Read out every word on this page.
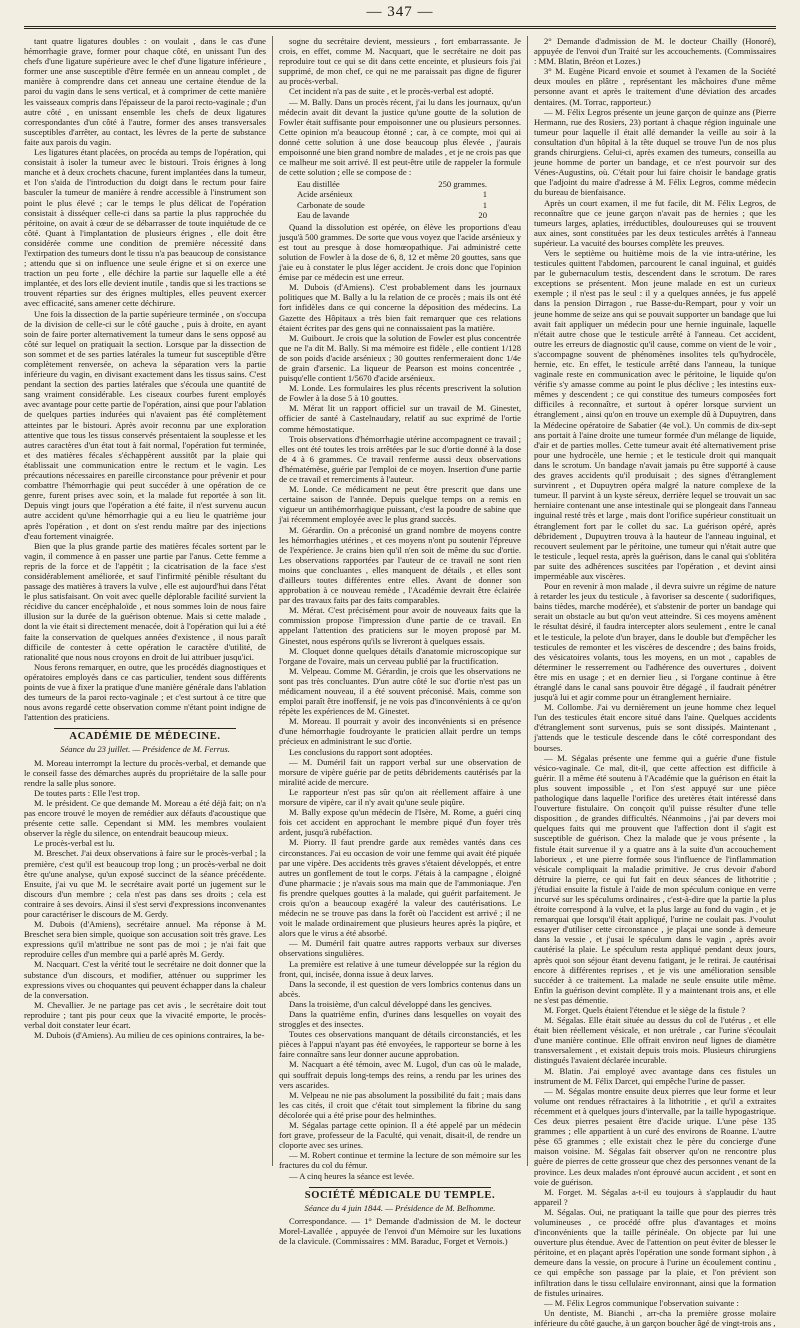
— 347 —

tant quatre ligatures doubles : on voulait , dans le cas d'une hémorrhagie grave, former pour chaque côté, en unissant l'un des chefs d'une ligature supérieure avec le chef d'une ligature inférieure , former une anse susceptible d'être fermée en un anneau complet , de manière à comprendre dans cet anneau une certaine étendue de la paroi du vagin dans le sens vertical, et à comprimer de cette manière les vaisseaux compris dans l'épaisseur de la paroi recto-vaginale ; d'un autre côté , en unissant ensemble les chefs de deux ligatures correspondantes d'un côté à l'autre, former des anses transversales susceptibles d'arrêter, au contact, les lèvres de la perte de substance faite aux parois du vagin.

Les ligatures étant placées, on procéda au temps de l'opération, qui consistait à isoler la tumeur avec le bistouri. Trois érignes à long manche et à deux crochets chacune, furent implantées dans la tumeur, et l'on s'aida de l'introduction du doigt dans le rectum pour faire basculer la tumeur de manière à rendre accessible à l'instrument son point le plus élevé ; car le temps le plus délicat de l'opération consistait à disséquer celle-ci dans sa partie la plus rapprochée du péritoine, on avait à cœur de se débarrasser de toute inquiétude de ce côté. Quant à l'implantation de plusieurs érignes , elle doit être considérée comme une condition de première nécessité dans l'extirpation des tumeurs dont le tissu n'a pas beaucoup de consistance ; attendu que si on influence une seule érigne et si on exerce une traction un peu forte , elle déchire la partie sur laquelle elle a été implantée, et des lors elle devient inutile , tandis que si les tractions se trouvent réparties sur des érignes multiples, elles peuvent exercer avec efficacité, sans amener cette déchirure.

Une fois la dissection de la partie supérieure terminée , on s'occupa de la division de celle-ci sur le côté gauche , puis à droite, en ayant soin de faire porter alternativement la tumeur dans le sens opposé au côté sur lequel on pratiquait la section. Lorsque par la dissection de son sommet et de ses parties latérales la tumeur fut susceptible d'être complètement renversée, on acheva la séparation vers la partie inférieure du vagin, en divisant exactement dans les tissus sains. C'est pendant la section des parties latérales que s'écoula une quantité de sang vraiment considérable. Les ciseaux courbes furent employés avec avantage pour cette partie de l'opération, ainsi que pour l'ablation de quelques parties indurées qui n'avaient pas été complètement atteintes par le bistouri. Après avoir reconnu par une exploration attentive que tous les tissus conservés présentaient la souplesse et les autres caractères d'un état tout à fait normal, l'opération fut terminée, et des matières fécales s'échappèrent aussitôt par la plaie qui établissait une communication entre le rectum et le vagin. Les précautions nécessaires en pareille circonstance pour prévenir et pour combattre l'hémorrhagie qui peut succéder à une opération de ce genre, furent prises avec soin, et la malade fut reportée à son lit. Depuis vingt jours que l'opération a été faite, il n'est survenu aucun autre accident qu'une hémorrhagie qui a eu lieu le quatrième jour après l'opération , et dont on s'est rendu maître par des injections d'eau fortement vinaigrée.

Bien que la plus grande partie des matières fécales sortent par le vagin, il commence à en passer une partie par l'anus. Cette femme a repris de la force et de l'appétit ; la cicatrisation de la face s'est considérablement améliorée, et sauf l'infirmité pénible résultant du passage des matières à travers la vulve , elle est aujourd'hui dans l'état le plus satisfaisant. On voit avec quelle déplorable facilité survient la récidive du cancer encéphaloïde , et nous sommes loin de nous faire illusion sur la durée de la guérison obtenue. Mais si cette malade , dont la vie était si directement menacée, doit à l'opération qui lui a été faite la conservation de quelques années d'existence , il nous paraît difficile de contester à cette opération le caractère d'utilité, de rationalité que nous nous croyons en droit de lui attribuer jusqu'ici.

Nous ferons remarquer, en outre, que les procédés diagnostiques et opératoires employés dans ce cas particulier, tendent sous différents points de vue à fixer la pratique d'une manière générale dans l'ablation des tumeurs de la paroi recto-vaginale ; et c'est surtout à ce titre que nous avons regardé cette observation comme n'étant point indigne de l'attention des praticiens.

ACADÉMIE DE MÉDECINE.
Séance du 23 juillet. — Présidence de M. Ferrus.

M. Moreau interrompt la lecture du procès-verbal, et demande que le conseil fasse des démarches auprès du propriétaire de la salle pour rendre la salle plus sonore.

De toutes parts : Elle l'est trop.

M. le président. Ce que demande M. Moreau a été déjà fait; on n'a pas encore trouvé le moyen de remédier aux défauts d'acoustique que présente cette salle. Cependant si MM. les membres voulaient observer la règle du silence, on entendrait beaucoup mieux.

Le procès-verbal est lu.

M. Breschet. J'ai deux observations à faire sur le procès-verbal ; la première, c'est qu'il est beaucoup trop long ; un procès-verbal ne doit être qu'une analyse, qu'un exposé succinct de la séance précédente. Ensuite, j'ai vu que M. le secrétaire avait porté un jugement sur le discours d'un membre ; cela n'est pas dans ses droits ; cela est contraire à ses devoirs. Ainsi il s'est servi d'expressions inconvenantes pour caractériser le discours de M. Gerdy.

M. Dubois (d'Amiens), secrétaire annuel. Ma réponse à M. Breschet sera bien simple, quoique son accusation soit très grave. Les expressions qu'il m'attribue ne sont pas de moi ; je n'ai fait que reproduire celles d'un membre qui a parlé après M. Gerdy.

M. Nacquart. C'est la vérité tout le secrétaire ne doit donner que la substance d'un discours, et modifier, atténuer ou supprimer les expressions vives ou choquantes qui peuvent échapper dans la chaleur de la conversation.

M. Chevallier. Je ne partage pas cet avis , le secrétaire doit tout reproduire ; tant pis pour ceux que la vivacité emporte, le procès-verbal doit constater leur écart.

M. Dubois (d'Amiens). Au milieu de ces opinions contraires, la be-

sogne du secrétaire devient, messieurs , fort embarrassante. Je crois, en effet, comme M. Nacquart, que le secrétaire ne doit pas reproduire tout ce qui se dit dans cette enceinte, et plusieurs fois j'ai supprimé, de mon chef, ce qui ne me paraissait pas digne de figurer au procès-verbal.

Cet incident n'a pas de suite , et le procès-verbal est adopté.

— M. Bally. Dans un procès récent, j'ai lu dans les journaux, qu'un médecin avait dit devant la justice qu'une goutte de la solution de Fowler était suffisante pour empoisonner une ou plusieurs personnes. Cette opinion m'a beaucoup étonné ; car, à ce compte, moi qui ai donné cette solution à une dose beaucoup plus élevée , j'aurais empoisonné une bien grand nombre de malades , et je ne crois pas que ce malheur me soit arrivé. Il est peut-être utile de rappeler la formule de cette solution ; elle se compose de :

Eau distillée	250 grammes.
Acide arsénieux	1
Carbonate de soude	1
Eau de lavande	20

Quand la dissolution est opérée, on élève les proportions d'eau jusqu'à 500 grammes. De sorte que vous voyez que l'acide arsénieux y est tout au presque à dose homœopathique. J'ai administré cette solution de Fowler à la dose de 6, 8, 12 et même 20 gouttes, sans que j'aie eu à constater le plus léger accident. Je crois donc que l'opinion émise par ce médecin est une erreur.

M. Dubois (d'Amiens). C'est probablement dans les journaux politiques que M. Bally a lu la relation de ce procès ; mais ils ont été fort infidèles dans ce qui concerne la déposition des médecins. La Gazette des Hôpitaux a très bien fait remarquer que ces relations étaient écrites par des gens qui ne connaissaient pas la matière.

M. Guibourt. Je crois que la solution de Fowler est plus concentrée que ne l'a dit M. Bally. Si ma mémoire est fidèle , elle contient 1/128 de son poids d'acide arsénieux ; 30 gouttes renfermeraient donc 1/4e de grain d'arsenic. La liqueur de Pearson est moins concentrée , puisqu'elle contient 1/5670 d'acide arsénieux.

M. Londe. Les formulaires les plus récents prescrivent la solution de Fowler à la dose 5 à 10 gouttes.

M. Mérat lit un rapport officiel sur un travail de M. Ginestet, officier de santé à Castelnaudary, relatif au suc exprimé de l'ortie comme hémostatique.

Trois observations d'hémorrhagie utérine accompagnent ce travail ; elles ont été toutes les trois arrêtées par le suc d'ortie donné à la dose de 4 à 6 grammes. Ce travail renferme aussi deux observations d'hématémèse, guérie par l'emploi de ce moyen. Insertion d'une partie de ce travail et remerciments à l'auteur.

M. Londe. Ce médicament ne peut être prescrit que dans une certaine saison de l'année. Depuis quelque temps on a remis en vigueur un antihémorrhagique puissant, c'est la poudre de sabine que j'ai récemment employée avec le plus grand succès.

M. Gérardin. On a préconisé un grand nombre de moyens contre les hémorrhagies utérines , et ces moyens n'ont pu soutenir l'épreuve de l'expérience. Je crains bien qu'il n'en soit de même du suc d'ortie. Les observations rapportées par l'auteur de ce travail ne sont rien moins que concluantes , elles manquent de détails , et elles sont d'ailleurs toutes différentes entre elles. Avant de donner son approbation à ce nouveau remède , l'Académie devrait être éclairée par des travaux faits par des faits comparables.

M. Mérat. C'est précisément pour avoir de nouveaux faits que la commission propose l'impression d'une partie de ce travail. En appelant l'attention des praticiens sur le moyen proposé par M. Ginestet, nous espérons qu'ils se livreront à quelques essais.

M. Cloquet donne quelques détails d'anatomie microscopique sur l'organe de l'ovaire, mais un cerveau publié par la fructification.

M. Velpeau. Comme M. Gérardin, je crois que les observations ne sont pas très concluantes. D'un autre côté le suc d'ortie n'est pas un médicament nouveau, il a été souvent préconisé. Mais, comme son emploi paraît être inoffensif, je ne vois pas d'inconvénients à ce qu'on répète les expériences de M. Ginestet.

M. Moreau. Il pourrait y avoir des inconvénients si en présence d'une hémorrhagie foudroyante le praticien allait perdre un temps précieux en administrant le suc d'ortie.

Les conclusions du rapport sont adoptées.

— M. Duméril fait un rapport verbal sur une observation de morsure de vipère guérie par de petits débridements cautérisés par la miralité acide de mercure.

Le rapporteur n'est pas sûr qu'on ait réellement affaire à une morsure de vipère, car il n'y avait qu'une seule piqûre.

M. Bally expose qu'un médecin de l'Isère, M. Rome, a guéri cinq fois cet accident en approchant le membre piqué d'un foyer très ardent, jusqu'à rubéfaction.

M. Piorry. Il faut prendre garde aux remèdes vantés dans ces circonstances. J'ai eu occasion de voir une femme qui avait été piquée par une vipère. Des accidents très graves s'étaient développés, et entre autres un gonflement de tout le corps. J'étais à la campagne , éloigné d'une pharmacie ; je n'avais sous ma main que de l'ammoniaque. J'en fis prendre quelques gouttes à la malade, qui guérit parfaitement. Je crois qu'on a beaucoup exagéré la valeur des cautérisations. Le médecin ne se trouve pas dans la forêt où l'accident est arrivé ; il ne voit le malade ordinairement que plusieurs heures après la piqûre, et alors que le virus a été absorbé.

— M. Duméril fait quatre autres rapports verbaux sur diverses observations singulières.

La première est relative à une tumeur développée sur la région du front, qui, incisée, donna issue à deux larves.

Dans la seconde, il est question de vers lombrics contenus dans un abcès.

Dans la troisième, d'un calcul développé dans les gencives.

Dans la quatrième enfin, d'urines dans lesquelles on voyait des stroggles et des insectes.

Toutes ces observations manquant de détails circonstanciés, et les pièces à l'appui n'ayant pas été envoyées, le rapporteur se borne à les faire connaître sans leur donner aucune approbation.

M. Nacquart a été témoin, avec M. Lugol, d'un cas où le malade, qui souffrait depuis long-temps des reins, a rendu par les urines des vers ascarides.

M. Velpeau ne nie pas absolument la possibilité du fait ; mais dans les cas cités, il croit que c'était tout simplement la fibrine du sang décolorée qui a été prise pour des helminthes.

M. Ségalas partage cette opinion. Il a été appelé par un médecin fort grave, professeur de la Faculté, qui venait, disait-il, de rendre un cloporte avec ses urines.

— M. Robert continue et termine la lecture de son mémoire sur les fractures du col du fémur.

— A cinq heures la séance est levée.

SOCIÉTÉ MÉDICALE DU TEMPLE.
Séance du 4 juin 1844. — Présidence de M. Belhomme.

Correspondance. — 1° Demande d'admission de M. le docteur Morel-Lavallée , appuyée de l'envoi d'un Mémoire sur les luxations de la clavicule. (Commissaires : MM. Baraduc, Forget et Vernois.)

2° Demande d'admission de M. le docteur Chailly (Honoré), appuyée de l'envoi d'un Traité sur les accouchements. (Commissaires : MM. Blatin, Bréon et Lozes.)

3° M. Eugène Picard envoie et soumet à l'examen de la Société deux moules en plâtre , représentant les mâchoires d'une même personne avant et après le traitement d'une déviation des arcades dentaires. (M. Torrac, rapporteur.)

— M. Félix Legros présente un jeune garçon de quinze ans (Pierre Hermann, rue des Rosiers, 23) portant à chaque région inguinale une tumeur pour laquelle il était allé demander la veille au soir à la consultation d'un hôpital à la tête duquel se trouve l'un de nos plus grands chirurgiens. Celui-ci, après examen des tumeurs, conseilla au jeune homme de porter un bandage, et ce n'est pourvoir sur des Vénes-Augustins, où. C'était pour lui faire choisir le bandage gratis que l'adjoint du maire d'adresse à M. Félix Legros, comme médecin du bureau de bienfaisance.

Après un court examen, il me fut facile, dit M. Félix Legros, de reconnaître que ce jeune garçon n'avait pas de hernies ; que les tumeurs larges, aplaties, irréductibles, douloureuses qui se trouvent aux aines, sont constituées par les deux testicules arrêtés à l'anneau supérieur. La vacuité des bourses complète les preuves.

Vers le septième ou huitième mois de la vie intra-utérine, les testicules quittent l'abdomen, parcourent le canal inguinal, et guidés par le gubernaculum testis, descendent dans le scrotum. De rares exceptions se présentent. Mon jeune malade en est un curieux exemple ; il n'est pas le seul : il y a quelques années, je fus appelé dans la pension Dirragon , rue Basse-du-Rempart, pour y voir un jeune homme de seize ans qui se pouvait supporter un bandage que lui avait fait appliquer un médecin pour une hernie inguinale, laquelle n'était autre chose que le testicule arrêté à l'anneau. Cet accident, outre les erreurs de diagnostic qu'il cause, comme on vient de le voir , s'accompagne souvent de phénomènes insolites tels qu'hydrocèle, hernie, etc. En effet, le testicule arrêté dans l'anneau, la tunique vaginale reste en communication avec le péritoine, le liquide qu'on vérifie s'y amasse comme au point le plus déclive ; les intestins eux-mêmes y descendent ; ce qui constitue des tumeurs composées fort difficiles à reconnaître, et surtout à opérer lorsque survient un étranglement , ainsi qu'on en trouve un exemple dû à Dupuytren, dans la Médecine opératoire de Sabatier (4e vol.). Un commis de dix-sept ans portait à l'aine droite une tumeur formée d'un mélange de liquide, d'air et de parties molles. Cette tumeur avait été alternativement prise pour une hydrocèle, une hernie ; et le testicule droit qui manquait dans le scrotum. Un bandage n'avait jamais pu être supporté à cause des graves accidents qu'il produisait ; des signes d'étranglement survinrent , et Dupuytren opéra malgré la nature complexe de la tumeur. Il parvint à un kyste séreux, derrière lequel se trouvait un sac herniaire contenant une anse intestinale qui se plongeait dans l'anneau inguinal resté très et large , mais dont l'orifice supérieur constituait un étranglement fort par le collet du sac. La guérison opéré, après débridement , Dupuytren trouva à la hauteur de l'anneau inguinal, et recouvert seulement par le péritoine, une tumeur qui n'était autre que le testicule , lequel resta, après la guérison, dans le canal qui s'oblitéra par suite des adhérences suscitées par l'opération , et devint ainsi imperméable aux viscères.

Pour en revenir à mon malade , il devra suivre un régime de nature à retarder les jeux du testicule , à favoriser sa descente ( sudorifiques, bains tièdes, marche modérée), et s'abstenir de porter un bandage qui serait un obstacle au but qu'on veut atteindre. Si ces moyens amènent le résultat désiré, il faudra intercepter alors seulement , entre le canal et le testicule, la pelote d'un brayer, dans le double but d'empêcher les testicules de remonter et les viscères de descendre ; des bains froids, des vésicatoires volants, tous les moyens, en un mot , capables de déterminer le resserrement ou l'adhérence des ouvertures , doivent être mis en usage ; et en dernier lieu , si l'organe continue à être étranglé dans le canal sans pouvoir être dégagé , il faudrait pénétrer jusqu'à lui et agir comme pour un étranglement herniaire.

M. Collombe. J'ai vu dernièrement un jeune homme chez lequel l'un des testicules était encore situé dans l'aine. Quelques accidents d'étranglement sont survenus, puis se sont dissipés. Maintenant , j'attends que le testicule descende dans le côté correspondant des bourses.

— M. Ségalas présente une femme qui a guérie d'une fistule vésico-vaginale. Ce mal, dit-il, que cette affection est difficile à guérir. Il a même été soutenu à l'Académie que la guérison en était la plus souvent impossible , et l'on s'est appuyé sur une pièce pathologique dans laquelle l'orifice des uretères était intéressé dans l'ouverture fistulaire. On conçoit qu'il puisse résulter d'une telle disposition , de grandes difficultés. Néanmoins , j'ai par devers moi quelques faits qui me prouvent que l'affection dont il s'agit est susceptible de guérison. Chez la malade que je vous présente , la fistule était survenue il y a quatre ans à la suite d'un accouchement laborieux , et une pierre formée sous l'influence de l'inflammation vésicale compliquait la maladie primitive. Je crus devoir d'abord détruire la pierre, ce qui fut fait en deux séances de lithotritie ; j'étudiai ensuite la fistule à l'aide de mon spéculum conique en verre incurvé sur les spéculums ordinaires , c'est-à-dire que la partie la plus étroite correspond à la vulve, et la plus large au fond du vagin , et je remarquai que lorsqu'il était appliqué, l'urine ne coulait pas. J'voulut essayer d'utiliser cette circonstance , je plaçai une sonde à demeure dans la vessie , et j'usai le spéculum dans le vagin , après avoir cautérisé la plaie. Le spéculum resta appliqué pendant deux jours, après quoi son séjour étant devenu fatigant, je le retirai. Je cautérisai encore à différentes reprises , et je vis une amélioration sensible succéder à ce traitement. La malade ne seule ensuite utile même. Enfin la guérison devint complète. Il y a maintenant trois ans, et elle ne s'est pas démentie.

M. Forget. Quels étaient l'étendue et le siège de la fistule ?

M. Ségalas. Elle était située au dessus du col de l'utérus , et elle était bien réellement vésicale, et non urétrale , car l'urine s'écoulait d'une manière continue. Elle offrait environ neuf lignes de diamètre transversalement , et existait depuis trois mois. Plusieurs chirurgiens distingués l'avaient déclarée incurable.

M. Blatin. J'ai employé avec avantage dans ces fistules un instrument de M. Félix Darcet, qui empêche l'urine de passer.

— M. Ségalas montre ensuite deux pierres que leur forme et leur volume ont rendues réfractaires à la lithotritie , et qu'il a extraites récemment et à quelques jours d'intervalle, par la taille hypogastrique. Ces deux pierres pesaient être d'acide urique. L'une pèse 135 grammes ; elle appartient à un curé des environs de Roanne. L'autre pèse 65 grammes ; elle existait chez le père du concierge d'une maison voisine. M. Ségalas fait observer qu'on ne rencontre plus guère de pierres de cette grosseur que chez des personnes venant de la province. Les deux malades n'ont éprouvé aucun accident , et sont en voie de guérison.

M. Forget. M. Ségalas a-t-il eu toujours à s'applaudir du haut appareil ?

M. Ségalas. Oui, ne pratiquant la taille que pour des pierres très volumineuses , ce procédé offre plus d'avantages et moins d'inconvénients que la taille périnéale. On objecte par lui une ouverture plus étendue. Avec de l'attention on peut éviter de blesser le péritoine, et en plaçant après l'opération une sonde formant siphon , à demeure dans la vessie, on procure à l'urine un écoulement continu , ce qui empêche son passage par la plaie, et l'on prévient son infiltration dans le tissu cellulaire environnant, ainsi que la formation de fistules urinaires.

— M. Félix Legros communique l'observation suivante :

Un dentiste, M. Bianchi , arr-cha la première grosse molaire inférieure du côté gauche, à un garçon boucher âgé de vingt-trois ans ,
